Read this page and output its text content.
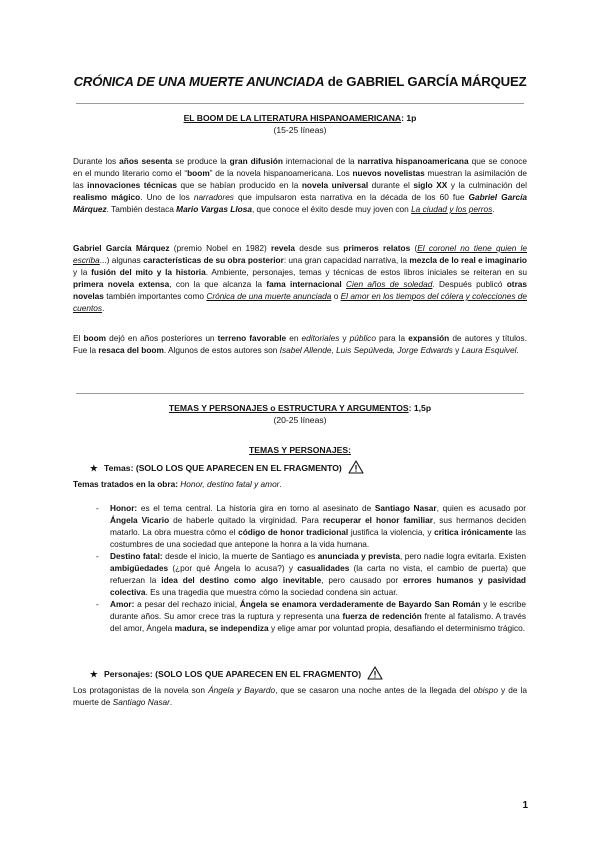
CRÓNICA DE UNA MUERTE ANUNCIADA de GABRIEL GARCÍA MÁRQUEZ
EL BOOM DE LA LITERATURA HISPANOAMERICANA: 1p
(15-25 líneas)

Durante los años sesenta se produce la gran difusión internacional de la narrativa hispanoamericana que se conoce en el mundo literario como el “boom” de la novela hispanoamericana. Los nuevos novelistas muestran la asimilación de las innovaciones técnicas que se habían producido en la novela universal durante el siglo XX y la culminación del realismo mágico. Uno de los narradores que impulsaron esta narrativa en la década de los 60 fue Gabriel García Márquez. También destaca Mario Vargas Llosa, que conoce el éxito desde muy joven con La ciudad y los perros.

Gabriel García Márquez (premio Nobel en 1982) revela desde sus primeros relatos (El coronel no tiene quien le escriba...) algunas características de su obra posterior: una gran capacidad narrativa, la mezcla de lo real e imaginario y la fusión del mito y la historia. Ambiente, personajes, temas y técnicas de estos libros iniciales se reiteran en su primera novela extensa, con la que alcanza la fama internacional Cien años de soledad. Después publicó otras novelas también importantes como Crónica de una muerte anunciada o El amor en los tiempos del cólera y colecciones de cuentos.

El boom dejó en años posteriores un terreno favorable en editoriales y público para la expansión de autores y títulos. Fue la resaca del boom. Algunos de estos autores son Isabel Allende, Luis Sepúlveda, Jorge Edwards y Laura Esquivel.

TEMAS Y PERSONAJES o ESTRUCTURA Y ARGUMENTOS: 1,5p
(20-25 líneas)
TEMAS Y PERSONAJES:
★ Temas: (SOLO LOS QUE APARECEN EN EL FRAGMENTO)

Temas tratados en la obra: Honor, destino fatal y amor.

- Honor: es el tema central. La historia gira en torno al asesinato de Santiago Nasar, quien es acusado por Ángela Vicario de haberle quitado la virginidad. Para recuperar el honor familiar, sus hermanos deciden matarlo. La obra muestra cómo el código de honor tradicional justifica la violencia, y critica irónicamente las costumbres de una sociedad que antepone la honra a la vida humana.
- Destino fatal: desde el inicio, la muerte de Santiago es anunciada y prevista, pero nadie logra evitarla. Existen ambigüedades (¿por qué Ángela lo acusa?) y casualidades (la carta no vista, el cambio de puerta) que refuerzan la idea del destino como algo inevitable, pero causado por errores humanos y pasividad colectiva. Es una tragedia que muestra cómo la sociedad condena sin actuar.
- Amor: a pesar del rechazo inicial, Ángela se enamora verdaderamente de Bayardo San Román y le escribe durante años. Su amor crece tras la ruptura y representa una fuerza de redención frente al fatalismo. A través del amor, Ángela madura, se independiza y elige amar por voluntad propia, desafiando el determinismo trágico.
★ Personajes: (SOLO LOS QUE APARECEN EN EL FRAGMENTO)

Los protagonistas de la novela son Ángela y Bayardo, que se casaron una noche antes de la llegada del obispo y de la muerte de Santiago Nasar.

1
